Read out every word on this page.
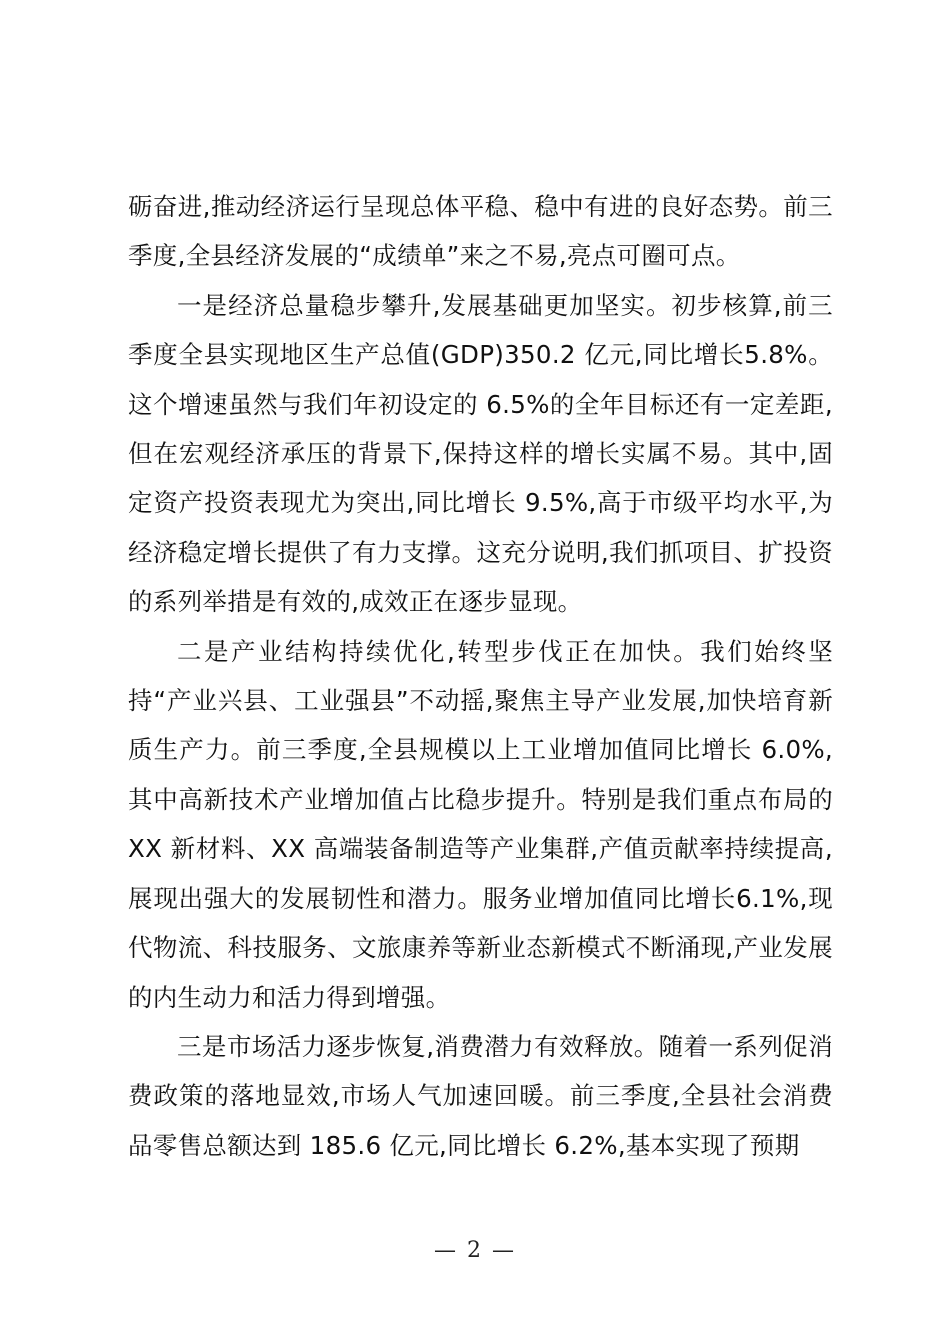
砺奋进,推动经济运行呈现总体平稳、稳中有进的良好态势。前三季度,全县经济发展的“成绩单”来之不易,亮点可圈可点。

一是经济总量稳步攀升,发展基础更加坚实。初步核算,前三季度全县实现地区生产总值(GDP)350.2 亿元,同比增长5.8%。这个增速虽然与我们年初设定的 6.5%的全年目标还有一定差距,但在宏观经济承压的背景下,保持这样的增长实属不易。其中,固定资产投资表现尤为突出,同比增长 9.5%,高于市级平均水平,为经济稳定增长提供了有力支撑。这充分说明,我们抓项目、扩投资的系列举措是有效的,成效正在逐步显现。

二是产业结构持续优化,转型步伐正在加快。我们始终坚持“产业兴县、工业强县”不动摇,聚焦主导产业发展,加快培育新质生产力。前三季度,全县规模以上工业增加值同比增长 6.0%,其中高新技术产业增加值占比稳步提升。特别是我们重点布局的 XX 新材料、XX 高端装备制造等产业集群,产值贡献率持续提高,展现出强大的发展韧性和潜力。服务业增加值同比增长6.1%,现代物流、科技服务、文旅康养等新业态新模式不断涌现,产业发展的内生动力和活力得到增强。

三是市场活力逐步恢复,消费潜力有效释放。随着一系列促消费政策的落地显效,市场人气加速回暖。前三季度,全县社会消费品零售总额达到 185.6 亿元,同比增长 6.2%,基本实现了预期

— 2 —
